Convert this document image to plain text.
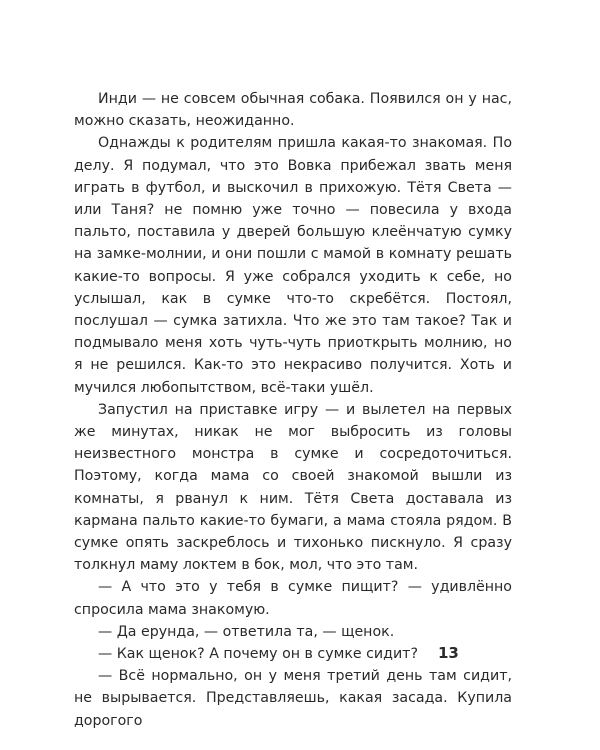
Инди — не совсем обычная собака. Появился он у нас, можно сказать, неожиданно.

Однажды к родителям пришла какая-то знакомая. По делу. Я подумал, что это Вовка прибежал звать меня играть в футбол, и выскочил в прихожую. Тётя Света — или Таня? не помню уже точно — повесила у входа пальто, поставила у дверей большую клеёнчатую сумку на замке-молнии, и они пошли с мамой в комнату решать какие-то вопросы. Я уже собрался уходить к себе, но услышал, как в сумке что-то скребётся. Постоял, послушал — сумка затихла. Что же это там такое? Так и подмывало меня хоть чуть-чуть приоткрыть молнию, но я не решился. Как-то это некрасиво получится. Хоть и мучился любопытством, всё-таки ушёл.

Запустил на приставке игру — и вылетел на первых же минутах, никак не мог выбросить из головы неизвестного монстра в сумке и сосредоточиться. Поэтому, когда мама со своей знакомой вышли из комнаты, я рванул к ним. Тётя Света доставала из кармана пальто какие-то бумаги, а мама стояла рядом. В сумке опять заскреблось и тихонько пискнуло. Я сразу толкнул маму локтем в бок, мол, что это там.

— А что это у тебя в сумке пищит? — удивлённо спросила мама знакомую.

— Да ерунда, — ответила та, — щенок.

— Как щенок? А почему он в сумке сидит?

— Всё нормально, он у меня третий день там сидит, не вырывается. Представляешь, какая засада. Купила дорогого

13
